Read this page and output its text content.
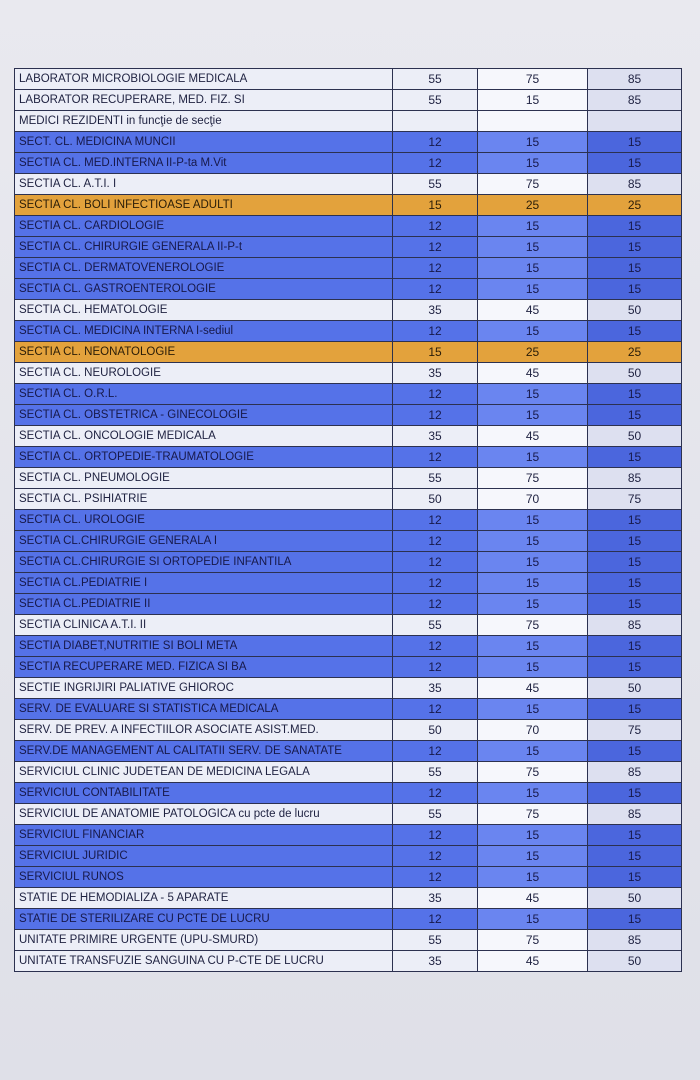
LABORATOR MICROBIOLOGIE MEDICALA	55	75	85
LABORATOR RECUPERARE, MED. FIZ. SI	55	15	85
MEDICI REZIDENTI in funcţie de secţie			
SECT. CL. MEDICINA MUNCII	12	15	15
SECTIA CL. MED.INTERNA II-P-ta M.Vit	12	15	15
SECTIA CL. A.T.I. I	55	75	85
SECTIA CL. BOLI INFECTIOASE ADULTI	15	25	25
SECTIA CL. CARDIOLOGIE	12	15	15
SECTIA CL. CHIRURGIE GENERALA II-P-t	12	15	15
SECTIA CL. DERMATOVENEROLOGIE	12	15	15
SECTIA CL. GASTROENTEROLOGIE	12	15	15
SECTIA CL. HEMATOLOGIE	35	45	50
SECTIA CL. MEDICINA INTERNA I-sediul	12	15	15
SECTIA CL. NEONATOLOGIE	15	25	25
SECTIA CL. NEUROLOGIE	35	45	50
SECTIA CL. O.R.L.	12	15	15
SECTIA CL. OBSTETRICA - GINECOLOGIE	12	15	15
SECTIA CL. ONCOLOGIE MEDICALA	35	45	50
SECTIA CL. ORTOPEDIE-TRAUMATOLOGIE	12	15	15
SECTIA CL. PNEUMOLOGIE	55	75	85
SECTIA CL. PSIHIATRIE	50	70	75
SECTIA CL. UROLOGIE	12	15	15
SECTIA CL.CHIRURGIE GENERALA I	12	15	15
SECTIA CL.CHIRURGIE SI ORTOPEDIE INFANTILA	12	15	15
SECTIA CL.PEDIATRIE I	12	15	15
SECTIA CL.PEDIATRIE II	12	15	15
SECTIA CLINICA A.T.I. II	55	75	85
SECTIA DIABET,NUTRITIE SI BOLI META	12	15	15
SECTIA RECUPERARE MED. FIZICA SI BA	12	15	15
SECTIE INGRIJIRI PALIATIVE GHIOROC	35	45	50
SERV. DE EVALUARE SI STATISTICA MEDICALA	12	15	15
SERV. DE PREV. A INFECTIILOR ASOCIATE ASIST.MED.	50	70	75
SERV.DE MANAGEMENT AL CALITATII SERV. DE SANATATE	12	15	15
SERVICIUL CLINIC JUDETEAN DE MEDICINA LEGALA	55	75	85
SERVICIUL CONTABILITATE	12	15	15
SERVICIUL DE ANATOMIE PATOLOGICA cu pcte de lucru	55	75	85
SERVICIUL FINANCIAR	12	15	15
SERVICIUL JURIDIC	12	15	15
SERVICIUL RUNOS	12	15	15
STATIE DE HEMODIALIZA - 5 APARATE	35	45	50
STATIE DE STERILIZARE CU PCTE DE LUCRU	12	15	15
UNITATE PRIMIRE URGENTE (UPU-SMURD)	55	75	85
UNITATE TRANSFUZIE SANGUINA CU P-CTE DE LUCRU	35	45	50
